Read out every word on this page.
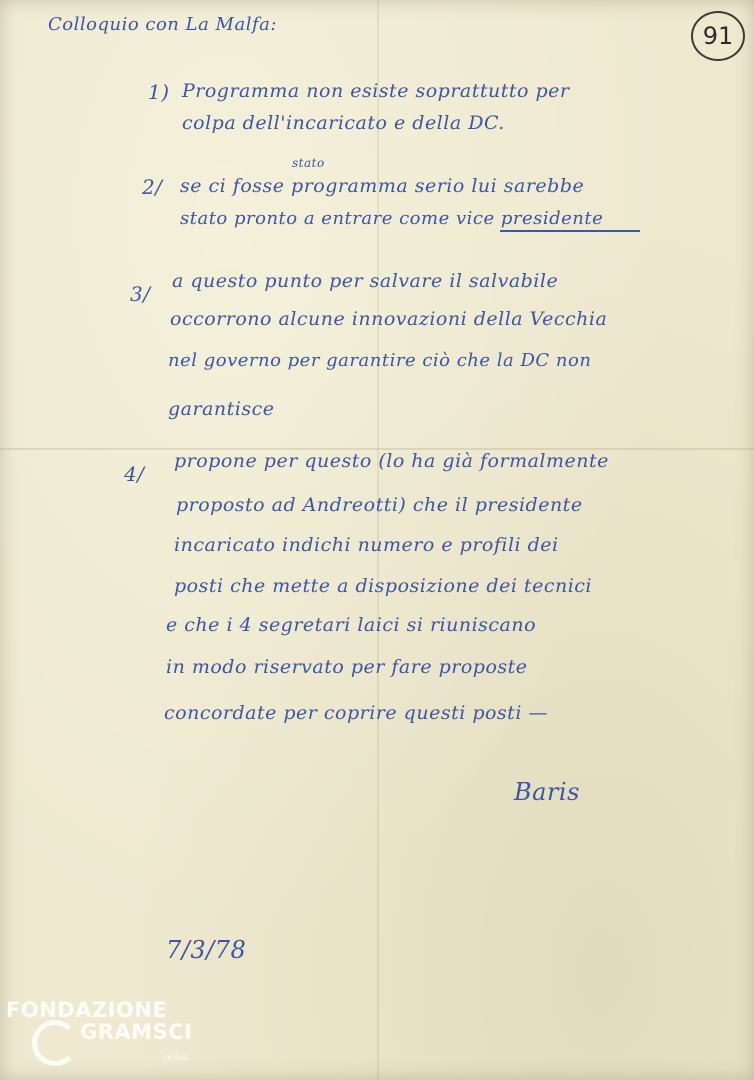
91
Colloquio con La Malfa:
1) Programma non esiste soprattutto per
colpa dell'incaricato e della DC.
stato
2/ se ci fosse programma serio lui sarebbe
stato pronto a entrare come vice presidente
3/
a questo punto per salvare il salvabile
occorrono alcune innovazioni della Vecchia
nel governo per garantire ciò che la DC non
garantisce
4/
propone per questo (lo ha già formalmente
proposto ad Andreotti) che il presidente
incaricato indichi numero e profili dei
posti che mette a disposizione dei tecnici
e che i 4 segretari laici si riuniscano
in modo riservato per fare proposte
concordate per coprire questi posti —
Baris
7/3/78
FONDAZIONE
GRAMSCI
onlus
